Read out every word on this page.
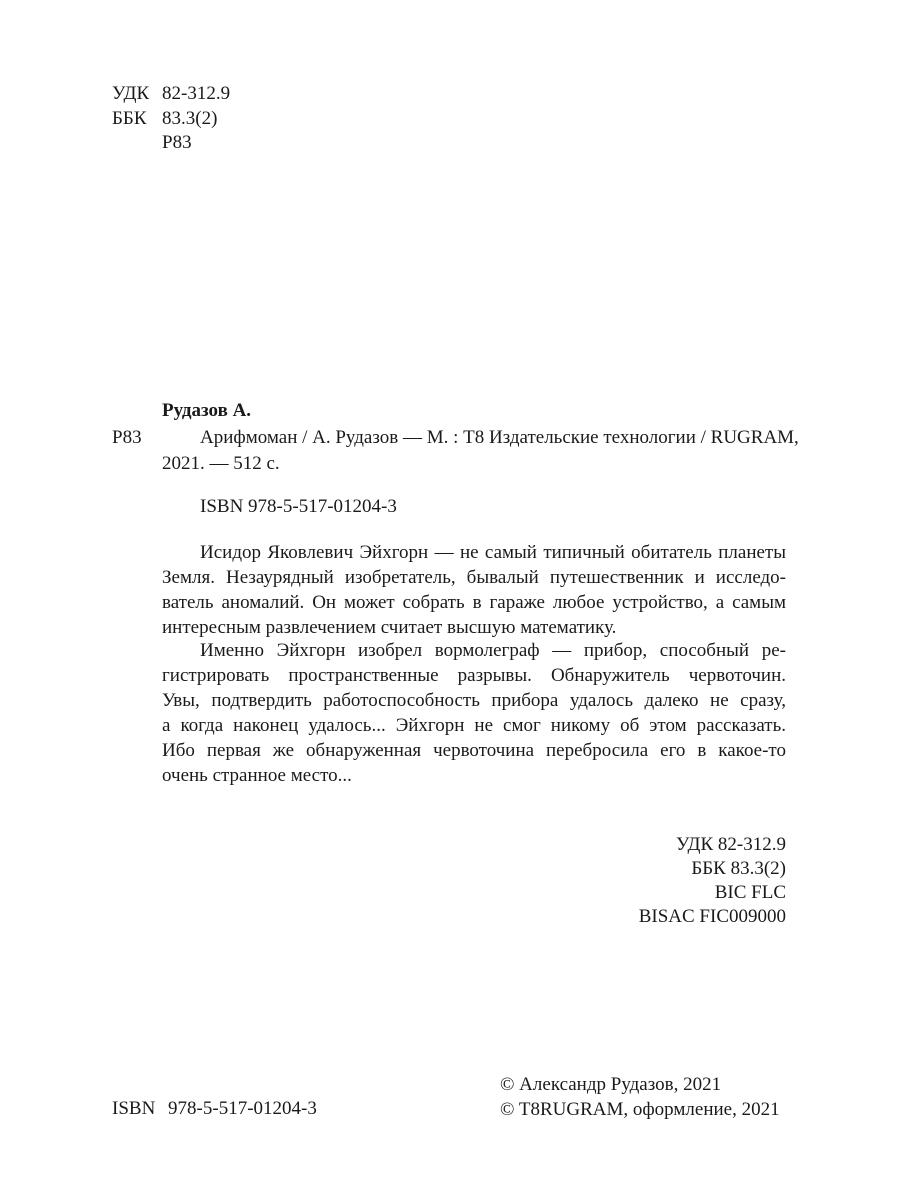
УДК 82-312.9
ББК 83.3(2)
Р83
Рудазов А.
Р83	Арифмоман / А. Рудазов — М. : Т8 Издательские технологии / RUGRAM,
2021. — 512 с.
ISBN 978-5-517-01204-3
Исидор Яковлевич Эйхгорн — не самый типичный обитатель планеты
Земля. Незаурядный изобретатель, бывалый путешественник и исследо-
ватель аномалий. Он может собрать в гараже любое устройство, а самым
интересным развлечением считает высшую математику.
Именно Эйхгорн изобрел вормолеграф — прибор, способный ре-
гистрировать пространственные разрывы. Обнаружитель червоточин.
Увы, подтвердить работоспособность прибора удалось далеко не сразу,
а когда наконец удалось... Эйхгорн не смог никому об этом рассказать.
Ибо первая же обнаруженная червоточина перебросила его в какое-то
очень странное место...
УДК 82-312.9
ББК 83.3(2)
BIC FLC
BISAC FIC009000
ISBN 978-5-517-01204-3
© Александр Рудазов, 2021
© T8RUGRAM, оформление, 2021
